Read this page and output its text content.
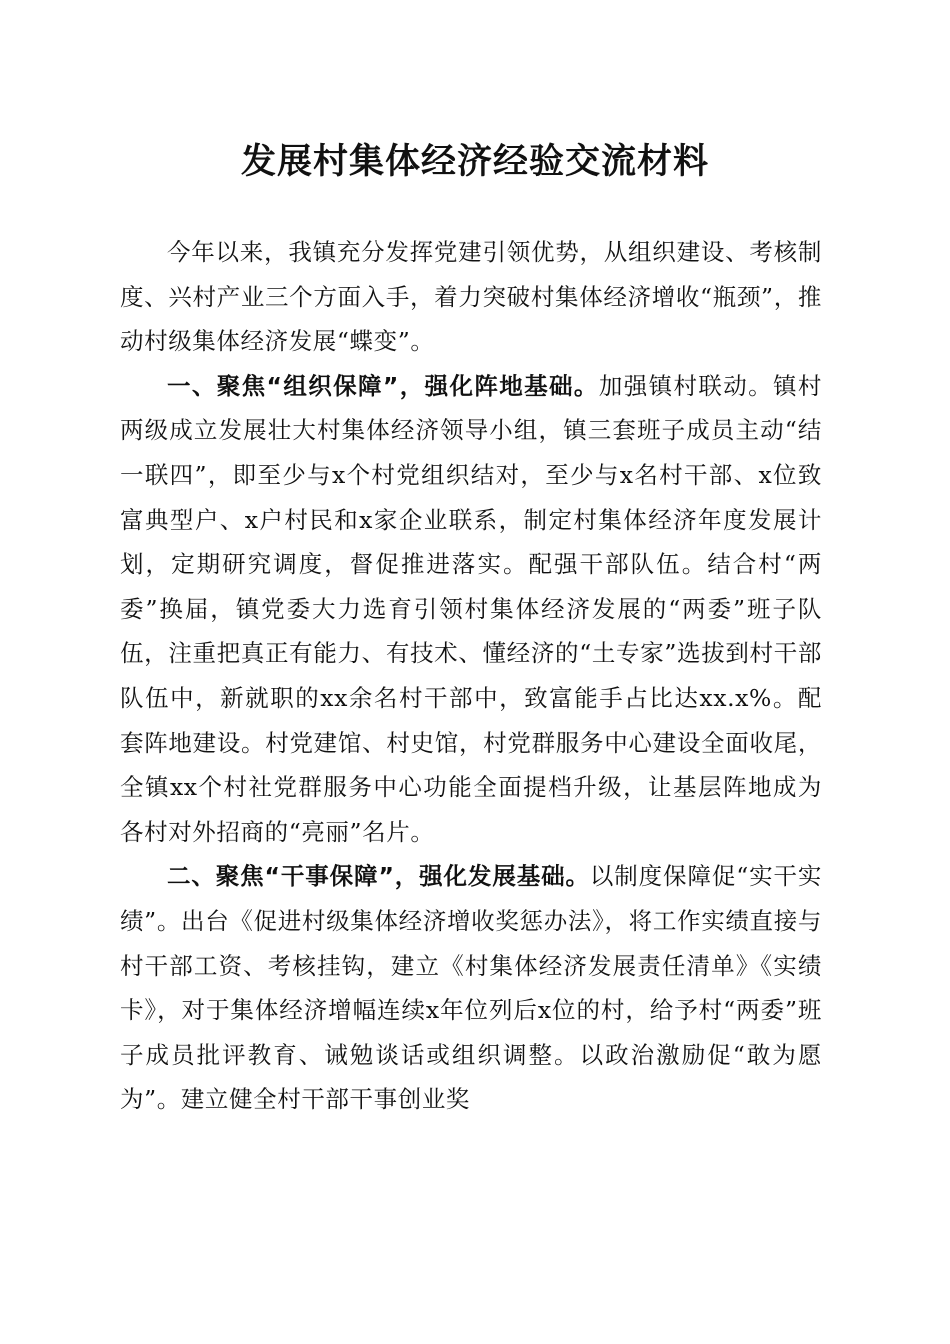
发展村集体经济经验交流材料

今年以来，我镇充分发挥党建引领优势，从组织建设、考核制度、兴村产业三个方面入手，着力突破村集体经济增收“瓶颈”，推动村级集体经济发展“蝶变”。

一、聚焦“组织保障”，强化阵地基础。加强镇村联动。镇村两级成立发展壮大村集体经济领导小组，镇三套班子成员主动“结一联四”，即至少与x个村党组织结对，至少与x名村干部、x位致富典型户、x户村民和x家企业联系，制定村集体经济年度发展计划，定期研究调度，督促推进落实。配强干部队伍。结合村“两委”换届，镇党委大力选育引领村集体经济发展的“两委”班子队伍，注重把真正有能力、有技术、懂经济的“土专家”选拔到村干部队伍中，新就职的xx余名村干部中，致富能手占比达xx.x%。配套阵地建设。村党建馆、村史馆，村党群服务中心建设全面收尾，全镇xx个村社党群服务中心功能全面提档升级，让基层阵地成为各村对外招商的“亮丽”名片。

二、聚焦“干事保障”，强化发展基础。以制度保障促“实干实绩”。出台《促进村级集体经济增收奖惩办法》，将工作实绩直接与村干部工资、考核挂钩，建立《村集体经济发展责任清单》《实绩卡》，对于集体经济增幅连续x年位列后x位的村，给予村“两委”班子成员批评教育、诫勉谈话或组织调整。以政治激励促“敢为愿为”。建立健全村干部干事创业奖
